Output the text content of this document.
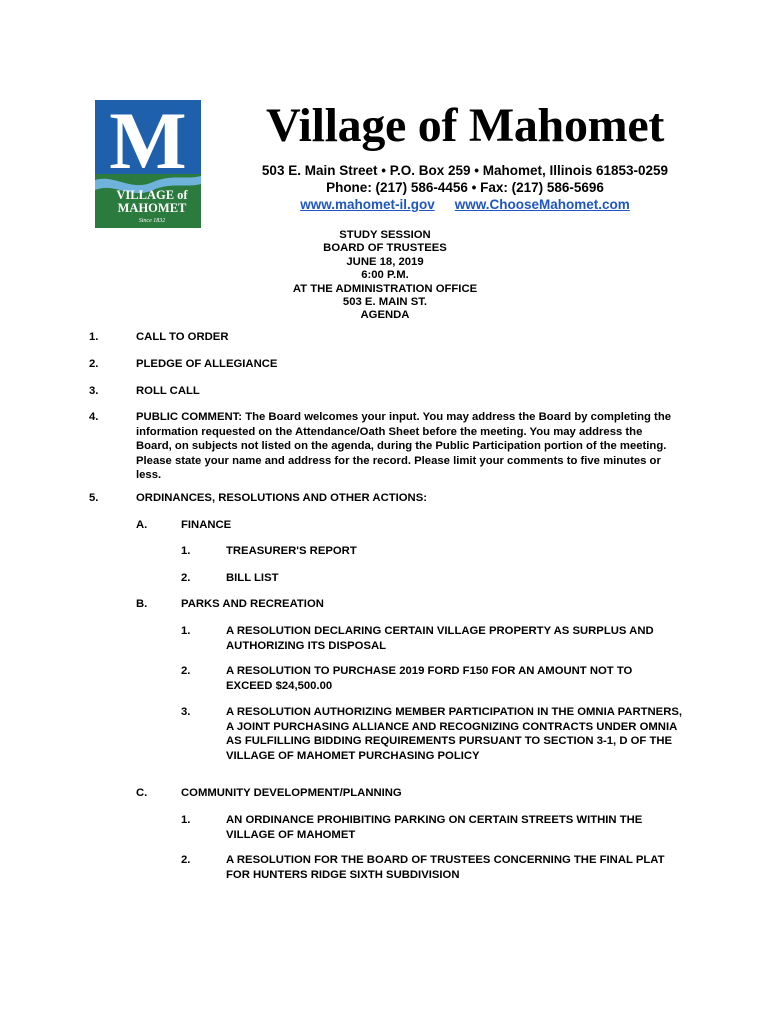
M
VILLAGE of
MAHOMET
Since 1832
Village of Mahomet
503 E. Main Street • P.O. Box 259 • Mahomet, Illinois 61853-0259
Phone: (217) 586-4456 • Fax: (217) 586-5696
www.mahomet-il.gov www.ChooseMahomet.com
STUDY SESSION
BOARD OF TRUSTEES
JUNE 18, 2019
6:00 P.M.
AT THE ADMINISTRATION OFFICE
503 E. MAIN ST.
AGENDA
1.	CALL TO ORDER
2.	PLEDGE OF ALLEGIANCE
3.	ROLL CALL
4.	PUBLIC COMMENT: The Board welcomes your input. You may address the Board by completing the information requested on the Attendance/Oath Sheet before the meeting. You may address the Board, on subjects not listed on the agenda, during the Public Participation portion of the meeting. Please state your name and address for the record. Please limit your comments to five minutes or less.
5.	ORDINANCES, RESOLUTIONS AND OTHER ACTIONS:
A.	FINANCE
1.	TREASURER'S REPORT
2.	BILL LIST
B.	PARKS AND RECREATION
1.	A RESOLUTION DECLARING CERTAIN VILLAGE PROPERTY AS SURPLUS AND AUTHORIZING ITS DISPOSAL
2.	A RESOLUTION TO PURCHASE 2019 FORD F150 FOR AN AMOUNT NOT TO EXCEED $24,500.00
3.	A RESOLUTION AUTHORIZING MEMBER PARTICIPATION IN THE OMNIA PARTNERS, A JOINT PURCHASING ALLIANCE AND RECOGNIZING CONTRACTS UNDER OMNIA AS FULFILLING BIDDING REQUIREMENTS PURSUANT TO SECTION 3-1, D OF THE VILLAGE OF MAHOMET PURCHASING POLICY
C.	COMMUNITY DEVELOPMENT/PLANNING
1.	AN ORDINANCE PROHIBITING PARKING ON CERTAIN STREETS WITHIN THE VILLAGE OF MAHOMET
2.	A RESOLUTION FOR THE BOARD OF TRUSTEES CONCERNING THE FINAL PLAT FOR HUNTERS RIDGE SIXTH SUBDIVISION
